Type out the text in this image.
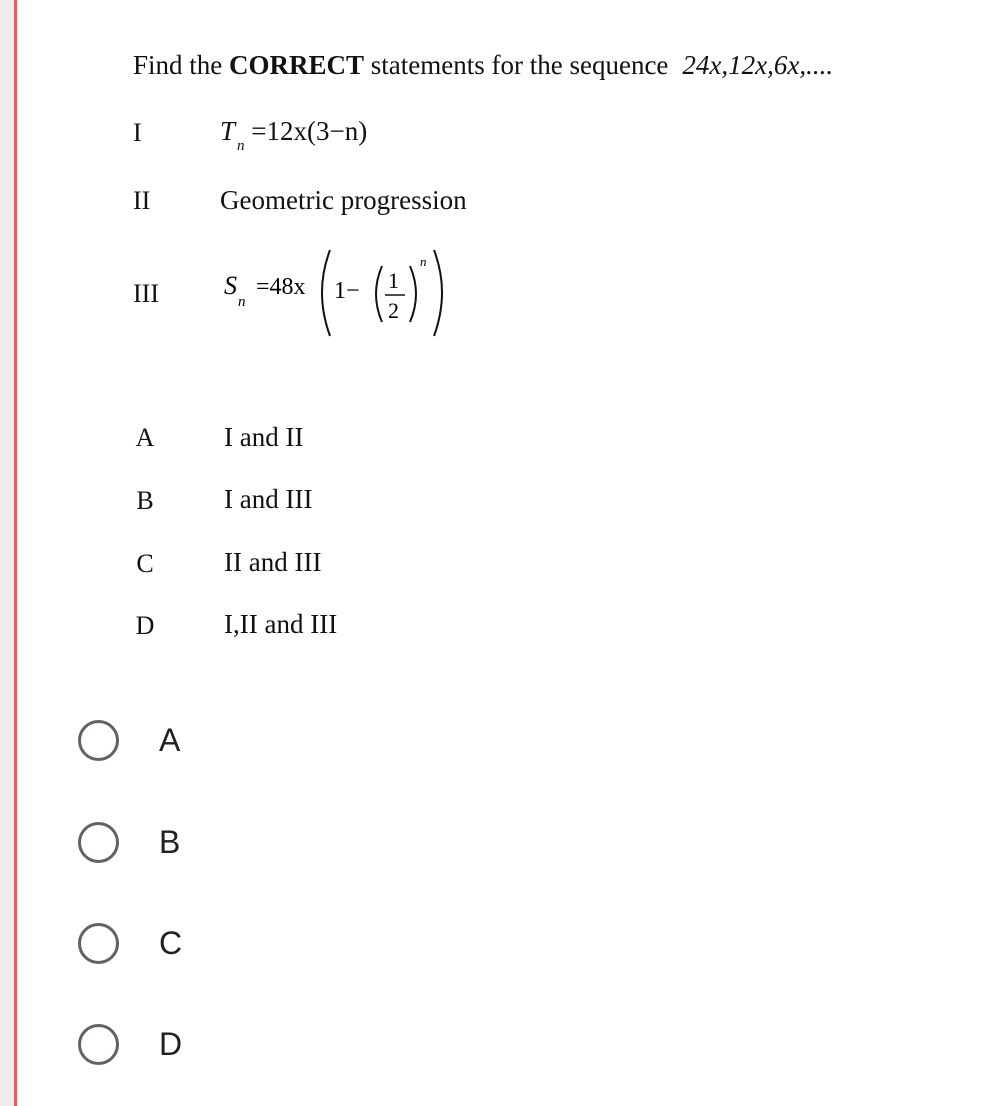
Find the CORRECT statements for the sequence 24x,12x,6x,....
I	T $_n$ =12x(3−n)
II	Geometric progression
III	S
n
=48x 1− 1
2
n
A	I and II
B	I and III
C	II and III
D	I,II and III
A
B
C
D
